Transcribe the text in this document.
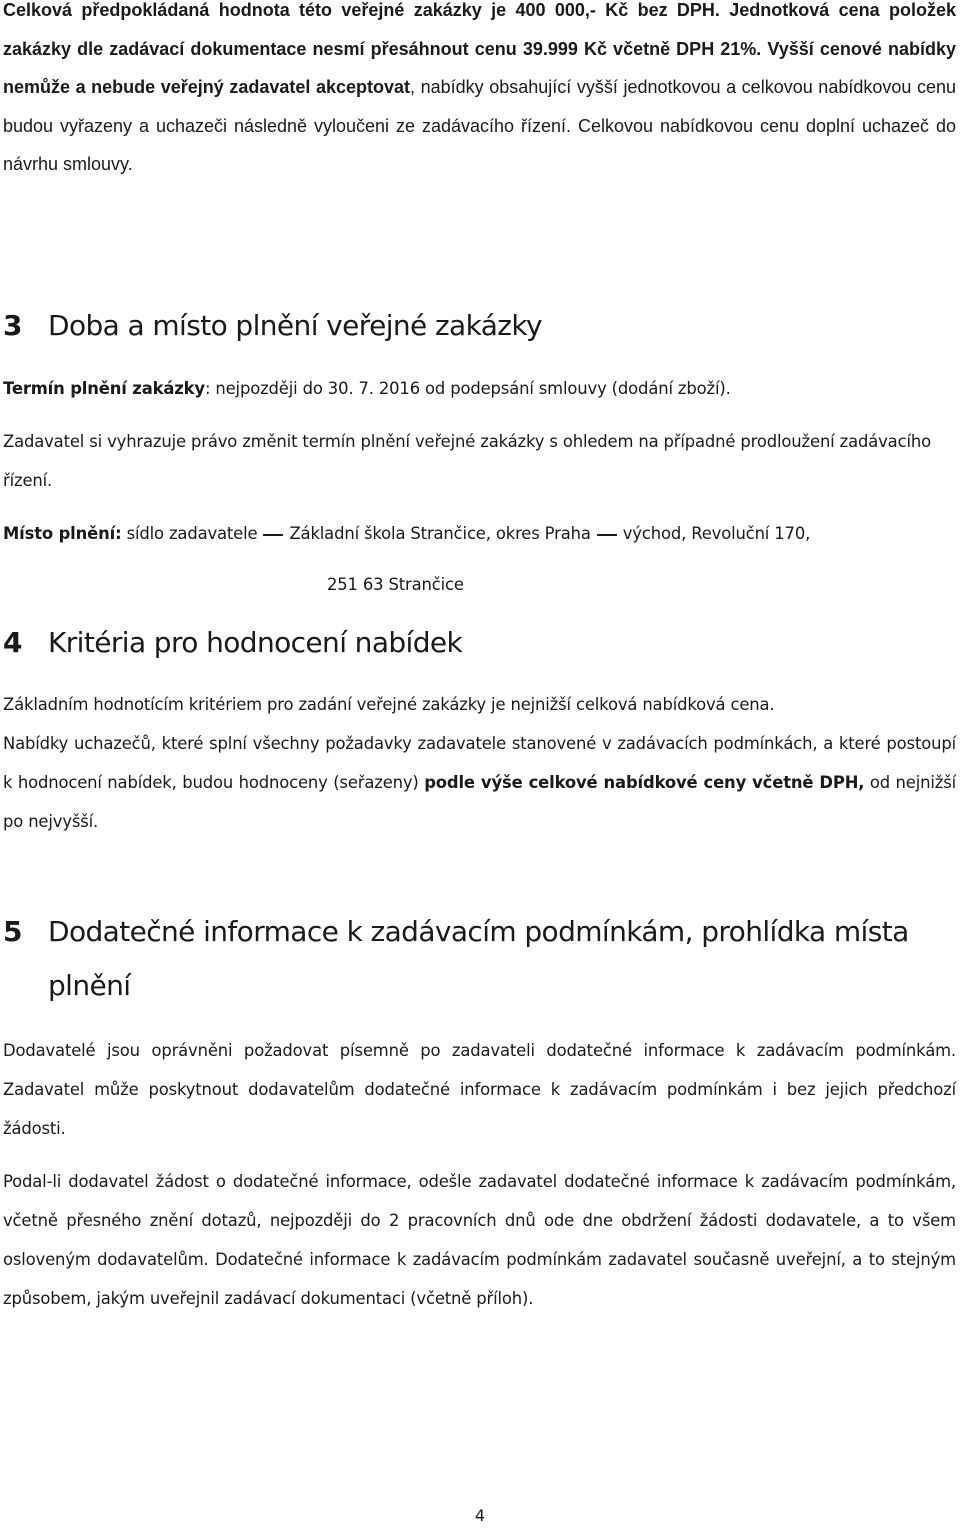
Celková předpokládaná hodnota této veřejné zakázky je 400 000,- Kč bez DPH. Jednotková cena položek zakázky dle zadávací dokumentace nesmí přesáhnout cenu 39.999 Kč včetně DPH 21%. Vyšší cenové nabídky nemůže a nebude veřejný zadavatel akceptovat, nabídky obsahující vyšší jednotkovou a celkovou nabídkovou cenu budou vyřazeny a uchazeči následně vyloučeni ze zadávacího řízení. Celkovou nabídkovou cenu doplní uchazeč do návrhu smlouvy.

3 Doba a místo plnění veřejné zakázky

Termín plnění zakázky: nejpozději do 30. 7. 2016 od podepsání smlouvy (dodání zboží).

Zadavatel si vyhrazuje právo změnit termín plnění veřejné zakázky s ohledem na případné prodloužení zadávacího řízení.

Místo plnění: sídlo zadavatele Základní škola Strančice, okres Praha východ, Revoluční 170,

251 63 Strančice

4 Kritéria pro hodnocení nabídek

Základním hodnotícím kritériem pro zadání veřejné zakázky je nejnižší celková nabídková cena.

Nabídky uchazečů, které splní všechny požadavky zadavatele stanovené v zadávacích podmínkách, a které postoupí k hodnocení nabídek, budou hodnoceny (seřazeny) podle výše celkové nabídkové ceny včetně DPH, od nejnižší po nejvyšší.

5 Dodatečné informace k zadávacím podmínkám, prohlídka místa
plnění

Dodavatelé jsou oprávněni požadovat písemně po zadavateli dodatečné informace k zadávacím podmínkám. Zadavatel může poskytnout dodavatelům dodatečné informace k zadávacím podmínkám i bez jejich předchozí žádosti.

Podal-li dodavatel žádost o dodatečné informace, odešle zadavatel dodatečné informace k zadávacím podmínkám, včetně přesného znění dotazů, nejpozději do 2 pracovních dnů ode dne obdržení žádosti dodavatele, a to všem osloveným dodavatelům. Dodatečné informace k zadávacím podmínkám zadavatel současně uveřejní, a to stejným způsobem, jakým uveřejnil zadávací dokumentaci (včetně příloh).

4
